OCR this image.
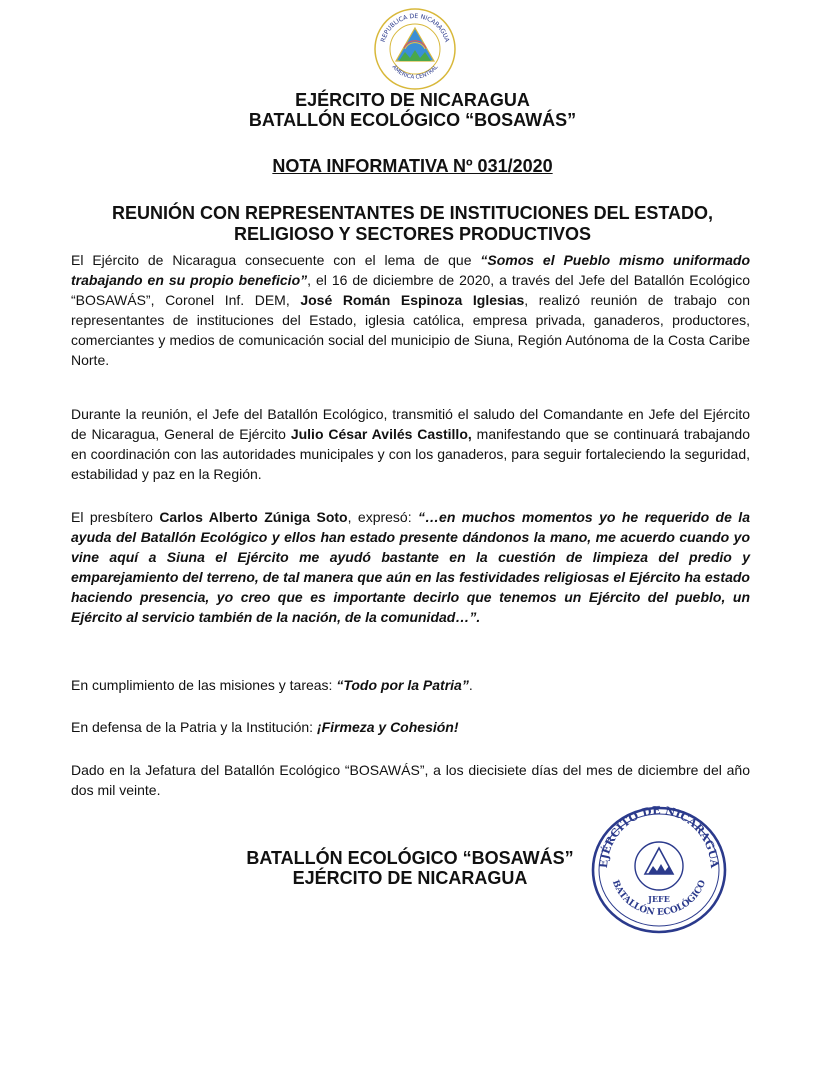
REPUBLICA DE NICARAGUA
AMERICA CENTRAL
EJÉRCITO DE NICARAGUA
BATALLÓN ECOLÓGICO “BOSAWÁS”
NOTA INFORMATIVA Nº 031/2020
REUNIÓN CON REPRESENTANTES DE INSTITUCIONES DEL ESTADO,
RELIGIOSO Y SECTORES PRODUCTIVOS

El Ejército de Nicaragua consecuente con el lema de que “Somos el Pueblo mismo uniformado trabajando en su propio beneficio”, el 16 de diciembre de 2020, a través del Jefe del Batallón Ecológico “BOSAWÁS”, Coronel Inf. DEM, José Román Espinoza Iglesias, realizó reunión de trabajo con representantes de instituciones del Estado, iglesia católica, empresa privada, ganaderos, productores, comerciantes y medios de comunicación social del municipio de Siuna, Región Autónoma de la Costa Caribe Norte.

Durante la reunión, el Jefe del Batallón Ecológico, transmitió el saludo del Comandante en Jefe del Ejército de Nicaragua, General de Ejército Julio César Avilés Castillo, manifestando que se continuará trabajando en coordinación con las autoridades municipales y con los ganaderos, para seguir fortaleciendo la seguridad, estabilidad y paz en la Región.

El presbítero Carlos Alberto Zúniga Soto, expresó: “…en muchos momentos yo he requerido de la ayuda del Batallón Ecológico y ellos han estado presente dándonos la mano, me acuerdo cuando yo vine aquí a Siuna el Ejército me ayudó bastante en la cuestión de limpieza del predio y emparejamiento del terreno, de tal manera que aún en las festividades religiosas el Ejército ha estado haciendo presencia, yo creo que es importante decirlo que tenemos un Ejército del pueblo, un Ejército al servicio también de la nación, de la comunidad…”.

En cumplimiento de las misiones y tareas: “Todo por la Patria”.

En defensa de la Patria y la Institución: ¡Firmeza y Cohesión!

Dado en la Jefatura del Batallón Ecológico “BOSAWÁS”, a los diecisiete días del mes de diciembre del año dos mil veinte.

BATALLÓN ECOLÓGICO “BOSAWÁS”
EJÉRCITO DE NICARAGUA
EJÉRCITO DE NICARAGUA
BATALLÓN ECOLÓGICO
JEFE
